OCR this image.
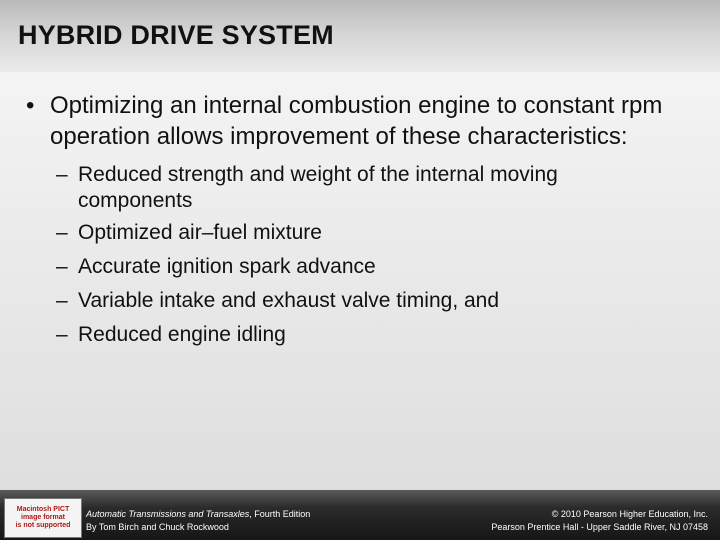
HYBRID DRIVE SYSTEM
• Optimizing an internal combustion engine to constant rpm operation allows improvement of these characteristics:
– Reduced strength and weight of the internal moving components
– Optimized air–fuel mixture
– Accurate ignition spark advance
– Variable intake and exhaust valve timing, and
– Reduced engine idling
Macintosh PICT
image format
is not supported
Automatic Transmissions and Transaxles, Fourth Edition
By Tom Birch and Chuck Rockwood
© 2010 Pearson Higher Education, Inc.
Pearson Prentice Hall - Upper Saddle River, NJ 07458
